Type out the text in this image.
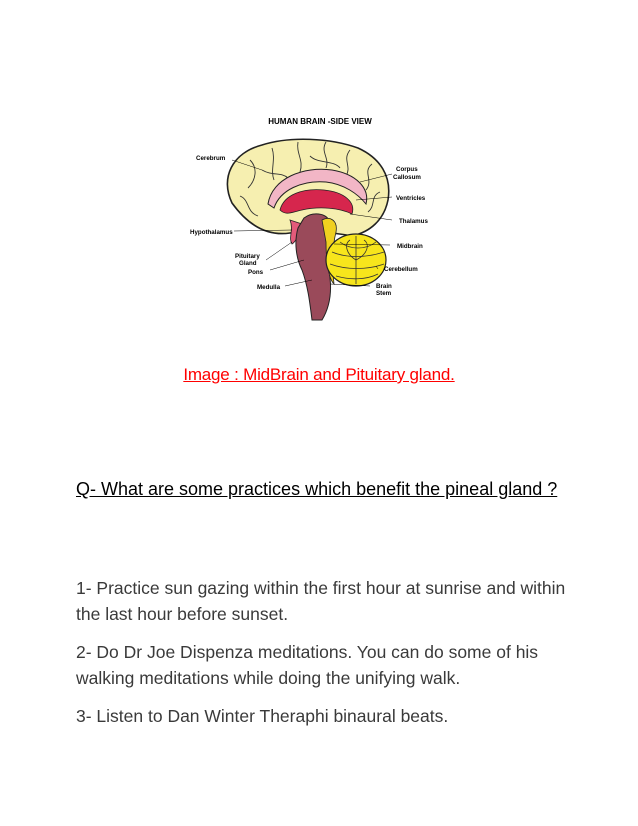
HUMAN BRAIN -SIDE VIEW
Cerebrum
Corpus
Callosum
Ventricles
Thalamus
Hypothalamus
Midbrain
Pituitary
Gland
Cerebellum
Pons
Medulla	Brain
Stem
Image : MidBrain and Pituitary gland.
Q- What are some practices which benefit the pineal gland ?

1- Practice sun gazing within the first hour at sunrise and within the last hour before sunset.

2- Do Dr Joe Dispenza meditations. You can do some of his walking meditations while doing the unifying walk.

3- Listen to Dan Winter Theraphi binaural beats.
